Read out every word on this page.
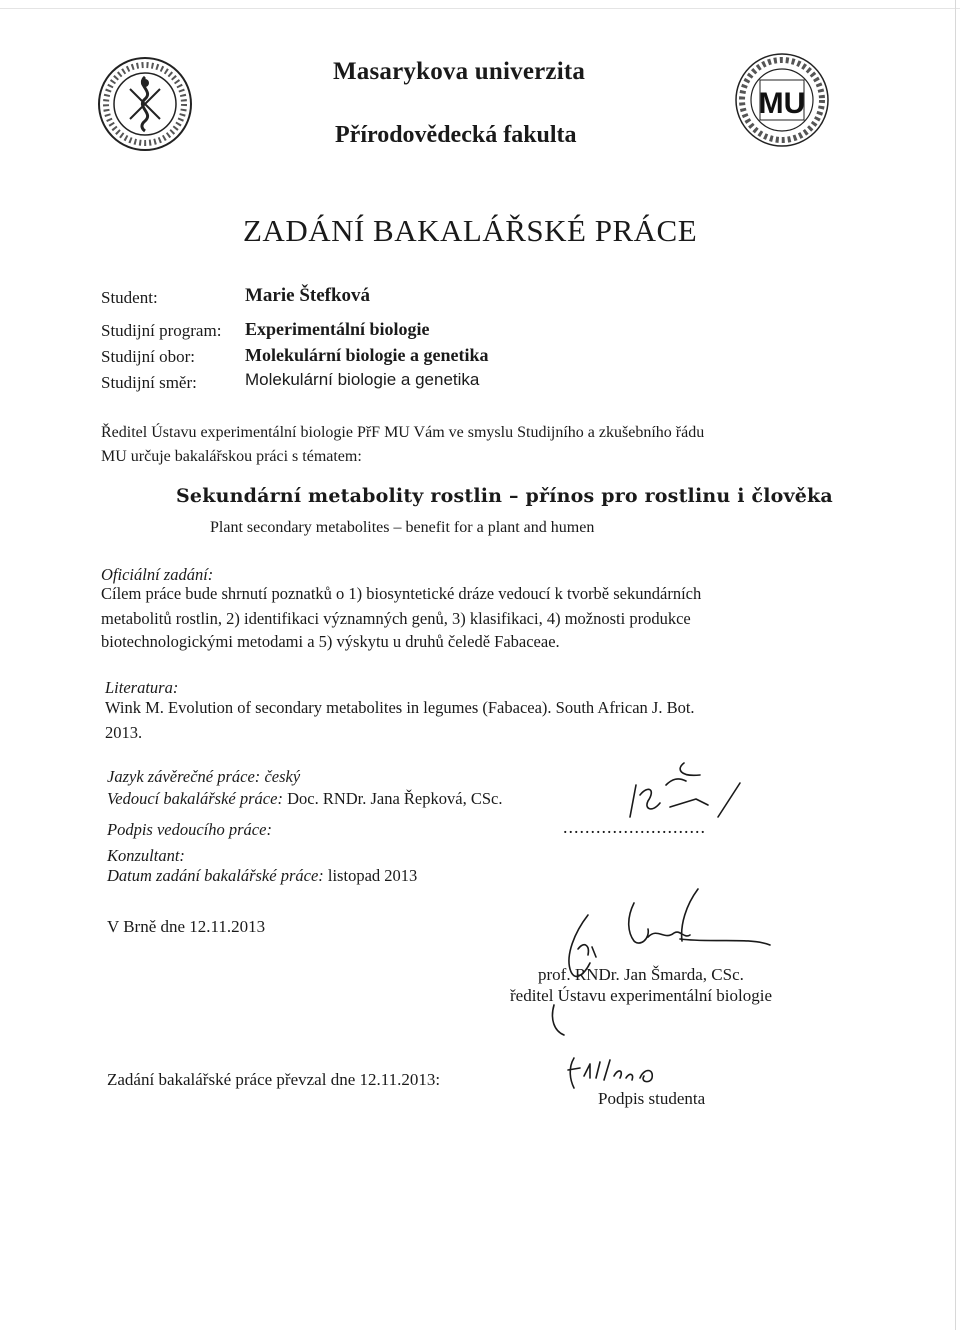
MU
Masarykova univerzita
Přírodovědecká fakulta
ZADÁNÍ BAKALÁŘSKÉ PRÁCE
Student:	Marie Štefková
Studijní program: Experimentální biologie
Studijní obor:	Molekulární biologie a genetika
Studijní směr:	Molekulární biologie a genetika
Ředitel Ústavu experimentální biologie PřF MU Vám ve smyslu Studijního a zkušebního řádu
MU určuje bakalářskou práci s tématem:
Sekundární metabolity rostlin – přínos pro rostlinu i člověka
Plant secondary metabolites – benefit for a plant and humen
Oficiální zadání:
Cílem práce bude shrnutí poznatků o 1) biosyntetické dráze vedoucí k tvorbě sekundárních
metabolitů rostlin, 2) identifikaci významných genů, 3) klasifikaci, 4) možnosti produkce
biotechnologickými metodami a 5) výskytu u druhů čeledě Fabaceae.
Literatura:
Wink M. Evolution of secondary metabolites in legumes (Fabacea). South African J. Bot.
2013.
Jazyk závěrečné práce: český
Vedoucí bakalářské práce: Doc. RNDr. Jana Řepková, CSc.
Podpis vedoucího práce:	..........................
Konzultant:
Datum zadání bakalářské práce: listopad 2013
V Brně dne 12.11.2013
prof. RNDr. Jan Šmarda, CSc.
ředitel Ústavu experimentální biologie
Zadání bakalářské práce převzal dne 12.11.2013:
Podpis studenta
